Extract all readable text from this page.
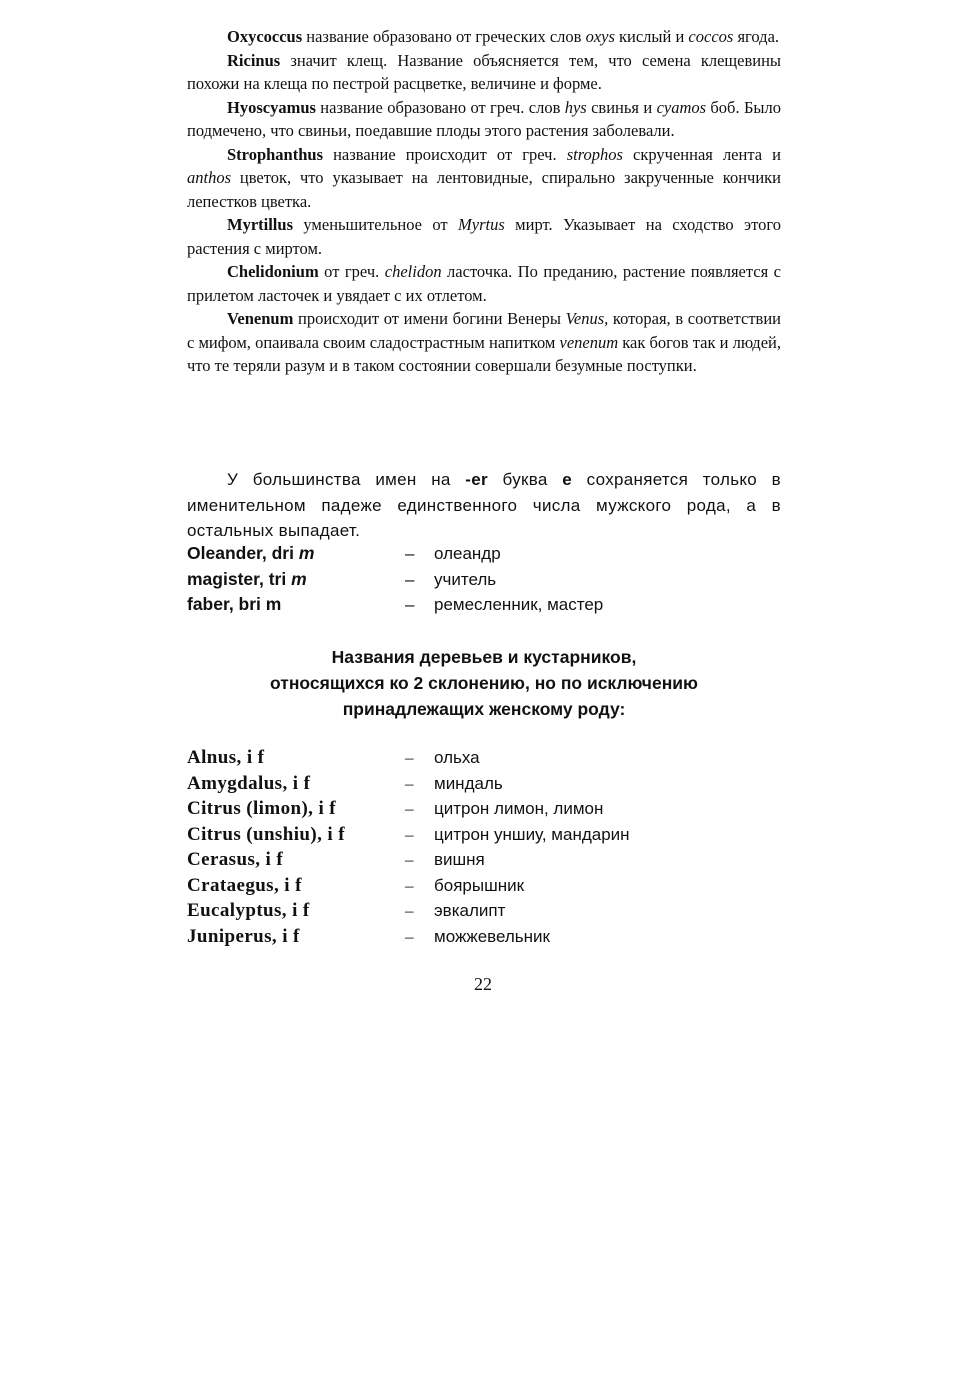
Oxycoccus название образовано от греческих слов oxys кислый и coccos ягода.

Ricinus значит клещ. Название объясняется тем, что семена клещевины похожи на клеща по пестрой расцветке, величине и форме.

Hyoscyamus название образовано от греч. слов hys свинья и cyamos боб. Было подмечено, что свиньи, поедавшие плоды этого растения заболевали.

Strophanthus название происходит от греч. strophos скрученная лента и anthos цветок, что указывает на лентовидные, спирально закрученные кончики лепестков цветка.

Myrtillus уменьшительное от Myrtus мирт. Указывает на сходство этого растения с миртом.

Chelidonium от греч. chelidon ласточка. По преданию, растение появляется с прилетом ласточек и увядает с их отлетом.

Venenum происходит от имени богини Венеры Venus, которая, в соответствии с мифом, опаивала своим сладострастным напитком venenum как богов так и людей, что те теряли разум и в таком состоянии совершали безумные поступки.

У большинства имен на -er буква е сохраняется только в именительном падеже единственного числа мужского рода, а в остальных выпадает.

Oleander, dri m	– олеандр
magister, tri m	– учитель
faber, bri m	– ремесленник, мастер
Названия деревьев и кустарников,
относящихся ко 2 склонению, но по исключению
принадлежащих женскому роду:
Alnus, i f	– ольха
Amygdalus, i f	– миндаль
Citrus (limon), i f	– цитрон лимон, лимон
Citrus (unshiu), i f	– цитрон уншиу, мандарин
Cerasus, i f	– вишня
Crataegus, i f	– боярышник
Eucalyptus, i f	– эвкалипт
Juniperus, i f	– можжевельник
22
